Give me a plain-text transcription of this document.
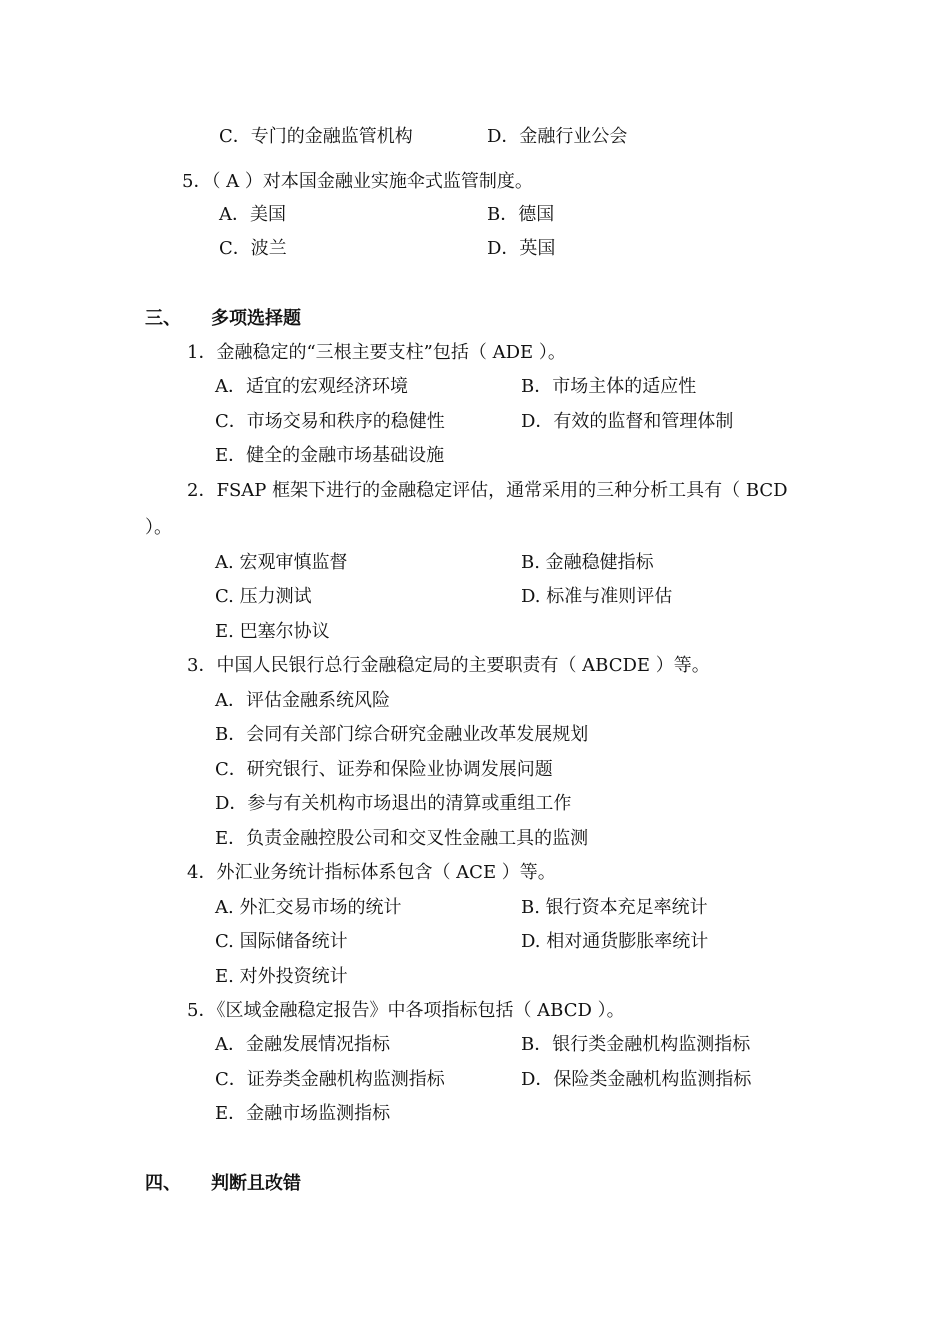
C．专门的金融监管机构	D．金融行业公会
5．（ A ）对本国金融业实施伞式监管制度。
A．美国	B．德国
C．波兰	D．英国
三、 多项选择题
1．金融稳定的“三根主要支柱”包括（ ADE ）。
A．适宜的宏观经济环境	B．市场主体的适应性
C．市场交易和秩序的稳健性	D．有效的监督和管理体制
E．健全的金融市场基础设施
2．FSAP 框架下进行的金融稳定评估，通常采用的三种分析工具有（ BCD
）。
A. 宏观审慎监督	B. 金融稳健指标
C. 压力测试	D. 标准与准则评估
E. 巴塞尔协议
3．中国人民银行总行金融稳定局的主要职责有（ ABCDE ）等。
A．评估金融系统风险
B．会同有关部门综合研究金融业改革发展规划
C．研究银行、证券和保险业协调发展问题
D．参与有关机构市场退出的清算或重组工作
E．负责金融控股公司和交叉性金融工具的监测
4．外汇业务统计指标体系包含（ ACE ）等。
A. 外汇交易市场的统计	B. 银行资本充足率统计
C. 国际储备统计	D. 相对通货膨胀率统计
E. 对外投资统计
5．《区域金融稳定报告》中各项指标包括（ ABCD ）。
A．金融发展情况指标	B．银行类金融机构监测指标
C．证券类金融机构监测指标	D．保险类金融机构监测指标
E．金融市场监测指标
四、 判断且改错
